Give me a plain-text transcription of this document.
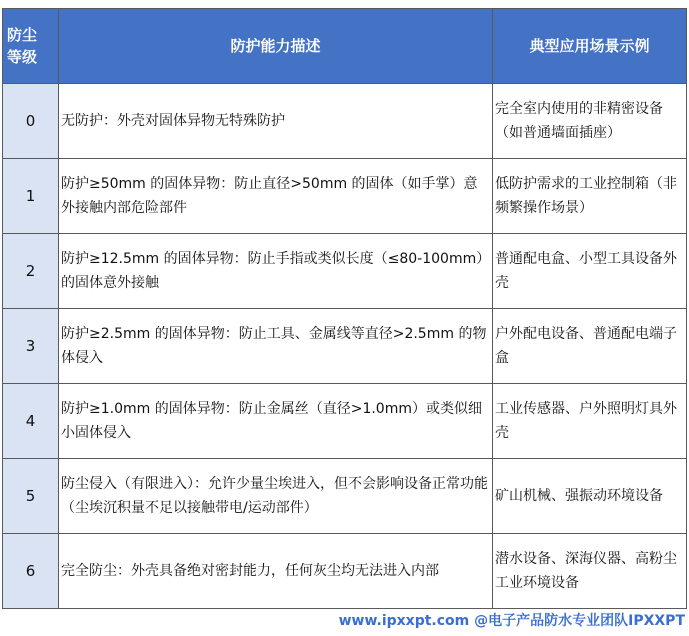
防尘
等级	防护能力描述	典型应用场景示例
0	无防护：外壳对固体异物无特殊防护	完全室内使用的非精密设备（如普通墙面插座）
1	防护≥50mm 的固体异物：防止直径>50mm 的固体（如手掌）意外接触内部危险部件	低防护需求的工业控制箱（非频繁操作场景）
2	防护≥12.5mm 的固体异物：防止手指或类似长度（≤80-100mm）的固体意外接触	普通配电盒、小型工具设备外壳
3	防护≥2.5mm 的固体异物：防止工具、金属线等直径>2.5mm 的物体侵入	户外配电设备、普通配电端子盒
4	防护≥1.0mm 的固体异物：防止金属丝（直径>1.0mm）或类似细小固体侵入	工业传感器、户外照明灯具外壳
5	防尘侵入（有限进入）：允许少量尘埃进入，但不会影响设备正常功能（尘埃沉积量不足以接触带电/运动部件）	矿山机械、强振动环境设备
6	完全防尘：外壳具备绝对密封能力，任何灰尘均无法进入内部	潜水设备、深海仪器、高粉尘工业环境设备
www.ipxxpt.com @电子产品防水专业团队IPXXPT
